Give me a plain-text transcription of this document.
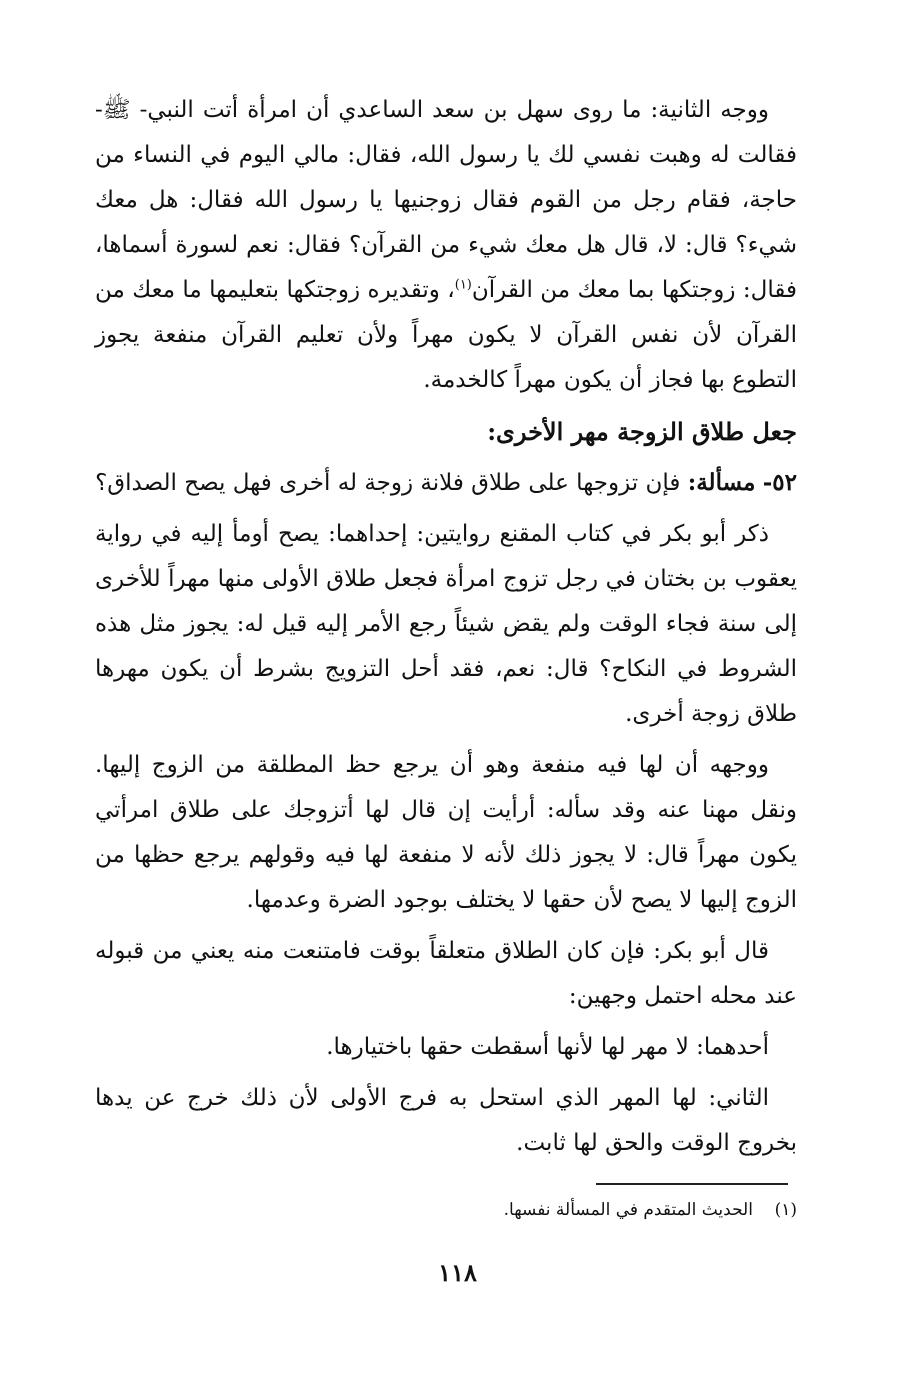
ووجه الثانية: ما روى سهل بن سعد الساعدي أن امرأة أتت النبي- ﷺ- فقالت له وهبت نفسي لك يا رسول الله، فقال: مالي اليوم في النساء من حاجة، فقام رجل من القوم فقال زوجنيها يا رسول الله فقال: هل معك شيء؟ قال: لا، قال هل معك شيء من القرآن؟ فقال: نعم لسورة أسماها، فقال: زوجتكها بما معك من القرآن$^{(١)}$، وتقديره زوجتكها بتعليمها ما معك من القرآن لأن نفس القرآن لا يكون مهراً ولأن تعليم القرآن منفعة يجوز التطوع بها فجاز أن يكون مهراً كالخدمة.

جعل طلاق الزوجة مهر الأخرى:

٥٢- مسألة: فإن تزوجها على طلاق فلانة زوجة له أخرى فهل يصح الصداق؟

ذكر أبو بكر في كتاب المقنع روايتين: إحداهما: يصح أومأ إليه في رواية يعقوب بن بختان في رجل تزوج امرأة فجعل طلاق الأولى منها مهراً للأخرى إلى سنة فجاء الوقت ولم يقض شيئاً رجع الأمر إليه قيل له: يجوز مثل هذه الشروط في النكاح؟ قال: نعم، فقد أحل التزويج بشرط أن يكون مهرها طلاق زوجة أخرى.

ووجهه أن لها فيه منفعة وهو أن يرجع حظ المطلقة من الزوج إليها. ونقل مهنا عنه وقد سأله: أرأيت إن قال لها أتزوجك على طلاق امرأتي يكون مهراً قال: لا يجوز ذلك لأنه لا منفعة لها فيه وقولهم يرجع حظها من الزوج إليها لا يصح لأن حقها لا يختلف بوجود الضرة وعدمها.

قال أبو بكر: فإن كان الطلاق متعلقاً بوقت فامتنعت منه يعني من قبوله عند محله احتمل وجهين:

أحدهما: لا مهر لها لأنها أسقطت حقها باختيارها.

الثاني: لها المهر الذي استحل به فرج الأولى لأن ذلك خرج عن يدها بخروج الوقت والحق لها ثابت.

(١)    الحديث المتقدم في المسألة نفسها.
١١٨
